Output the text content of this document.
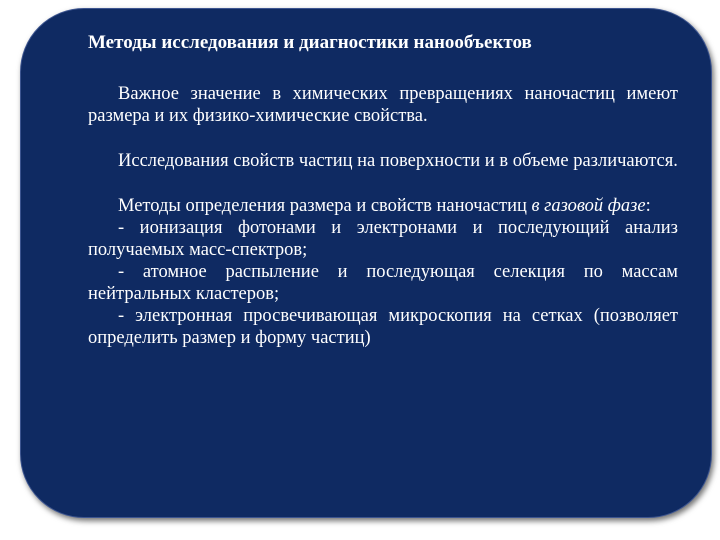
Методы исследования и диагностики нанообъектов

Важное значение в химических превращениях наночастиц имеют размера и их физико-химические свойства.

Исследования свойств частиц на поверхности и в объеме различаются.

Методы определения размера и свойств наночастиц в газовой фазе:

- ионизация фотонами и электронами и последующий анализ получаемых масс-спектров;

- атомное распыление и последующая селекция по массам нейтральных кластеров;

- электронная просвечивающая микроскопия на сетках (позволяет определить размер и форму частиц)
